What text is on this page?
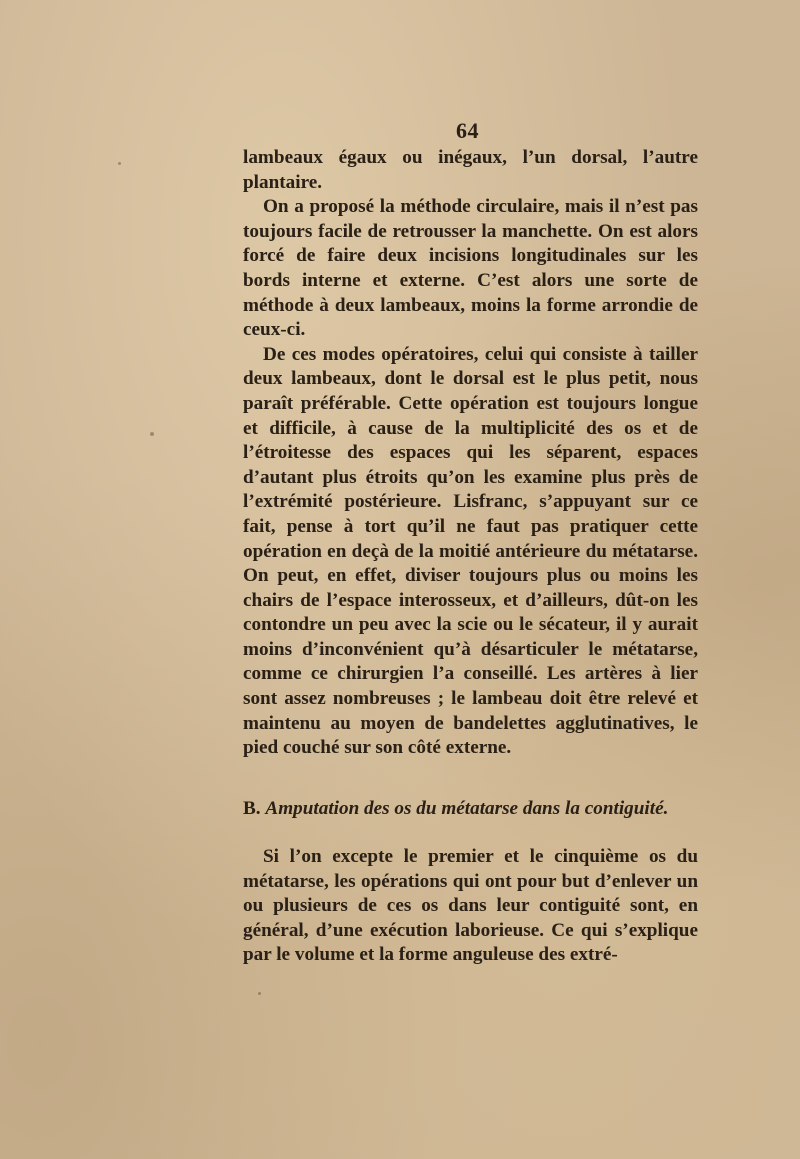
64

lambeaux égaux ou inégaux, l’un dorsal, l’autre plantaire.

On a proposé la méthode circulaire, mais il n’est pas toujours facile de retrousser la manchette. On est alors forcé de faire deux incisions longitudinales sur les bords interne et externe. C’est alors une sorte de méthode à deux lambeaux, moins la forme arrondie de ceux-ci.

De ces modes opératoires, celui qui consiste à tailler deux lambeaux, dont le dorsal est le plus petit, nous paraît préférable. Cette opération est toujours longue et difficile, à cause de la multiplicité des os et de l’étroitesse des espaces qui les séparent, espaces d’autant plus étroits qu’on les examine plus près de l’extrémité postérieure. Lisfranc, s’appuyant sur ce fait, pense à tort qu’il ne faut pas pratiquer cette opération en deçà de la moitié antérieure du métatarse. On peut, en effet, diviser toujours plus ou moins les chairs de l’espace interosseux, et d’ailleurs, dût-on les contondre un peu avec la scie ou le sécateur, il y aurait moins d’inconvénient qu’à désarticuler le métatarse, comme ce chirurgien l’a conseillé. Les artères à lier sont assez nombreuses ; le lambeau doit être relevé et maintenu au moyen de bandelettes agglutinatives, le pied couché sur son côté externe.

B. Amputation des os du métatarse dans la contiguité.

Si l’on excepte le premier et le cinquième os du métatarse, les opérations qui ont pour but d’enlever un ou plusieurs de ces os dans leur contiguité sont, en général, d’une exécution laborieuse. Ce qui s’explique par le volume et la forme anguleuse des extré-
